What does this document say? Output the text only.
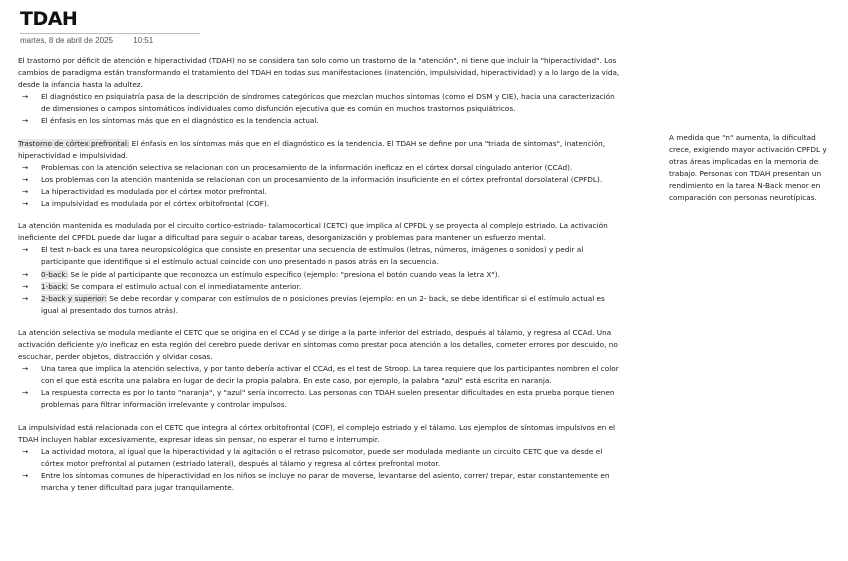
TDAH
martes, 8 de abril de 2025	10:51

El trastorno por déficit de atención e hiperactividad (TDAH) no se considera tan solo como un trastorno de la "atención", ni tiene que incluir la "hiperactividad". Los cambios de paradigma están transformando el tratamiento del TDAH en todas sus manifestaciones (inatención, impulsividad, hiperactividad) y a lo largo de la vida, desde la infancia hasta la adultez.

→	El diagnóstico en psiquiatría pasa de la descripción de síndromes categóricos que mezclan muchos síntomas (como el DSM y CIE), hacia una caracterización de dimensiones o campos sintomáticos individuales como disfunción ejecutiva que es común en muchos trastornos psiquiátricos.
→	El énfasis en los síntomas más que en el diagnóstico es la tendencia actual.

Trastorno de córtex prefrontal: El énfasis en los síntomas más que en el diagnóstico es la tendencia. El TDAH se define por una "triada de síntomas", inatención, hiperactividad e impulsividad.

→	Problemas con la atención selectiva se relacionan con un procesamiento de la información ineficaz en el córtex dorsal cingulado anterior (CCAd).
→	Los problemas con la atención mantenida se relacionan con un procesamiento de la información insuficiente en el córtex prefrontal dorsolateral (CPFDL).
→	La hiperactividad es modulada por el córtex motor prefrontal.
→	La impulsividad es modulada por el córtex orbitofrontal (COF).

La atención mantenida es modulada por el circuito cortico-estriado- talamocortical (CETC) que implica al CPFDL y se proyecta al complejo estriado. La activación ineficiente del CPFDL puede dar lugar a dificultad para seguir o acabar tareas, desorganización y problemas para mantener un esfuerzo mental.

→	El test n-back es una tarea neuropsicológica que consiste en presentar una secuencia de estímulos (letras, números, imágenes o sonidos) y pedir al participante que identifique si el estímulo actual coincide con uno presentado n pasos atrás en la secuencia.
→	0-back: Se le pide al participante que reconozca un estímulo específico (ejemplo: "presiona el botón cuando veas la letra X").
→	1-back: Se compara el estímulo actual con el inmediatamente anterior.
→	2-back y superior: Se debe recordar y comparar con estímulos de n posiciones previas (ejemplo: en un 2- back, se debe identificar si el estímulo actual es igual al presentado dos turnos atrás).

La atención selectiva se modula mediante el CETC que se origina en el CCAd y se dirige a la parte inferior del estriado, después al tálamo, y regresa al CCAd. Una activación deficiente y/o ineficaz en esta región del cerebro puede derivar en síntomas como prestar poca atención a los detalles, cometer errores por descuido, no escuchar, perder objetos, distracción y olvidar cosas.

→	Una tarea que implica la atención selectiva, y por tanto debería activar el CCAd, es el test de Stroop. La tarea requiere que los participantes nombren el color con el que está escrita una palabra en lugar de decir la propia palabra. En este caso, por ejemplo, la palabra "azul" está escrita en naranja.
→	La respuesta correcta es por lo tanto "naranja", y "azul" sería incorrecto. Las personas con TDAH suelen presentar dificultades en esta prueba porque tienen problemas para filtrar información irrelevante y controlar impulsos.

La impulsividad está relacionada con el CETC que integra al córtex orbitofrontal (COF), el complejo estriado y el tálamo. Los ejemplos de síntomas impulsivos en el TDAH incluyen hablar excesivamente, expresar ideas sin pensar, no esperar el turno e interrumpir.

→	La actividad motora, al igual que la hiperactividad y la agitación o el retraso psicomotor, puede ser modulada mediante un circuito CETC que va desde el córtex motor prefrontal al putamen (estriado lateral), después al tálamo y regresa al córtex prefrontal motor.
→	Entre los síntomas comunes de hiperactividad en los niños se incluye no parar de moverse, levantarse del asiento, correr/ trepar, estar constantemente en marcha y tener dificultad para jugar tranquilamente.
A medida que "n" aumenta, la dificultad crece, exigiendo mayor activación CPFDL y otras áreas implicadas en la memoria de trabajo. Personas con TDAH presentan un rendimiento en la tarea N-Back menor en comparación con personas neurotípicas.
